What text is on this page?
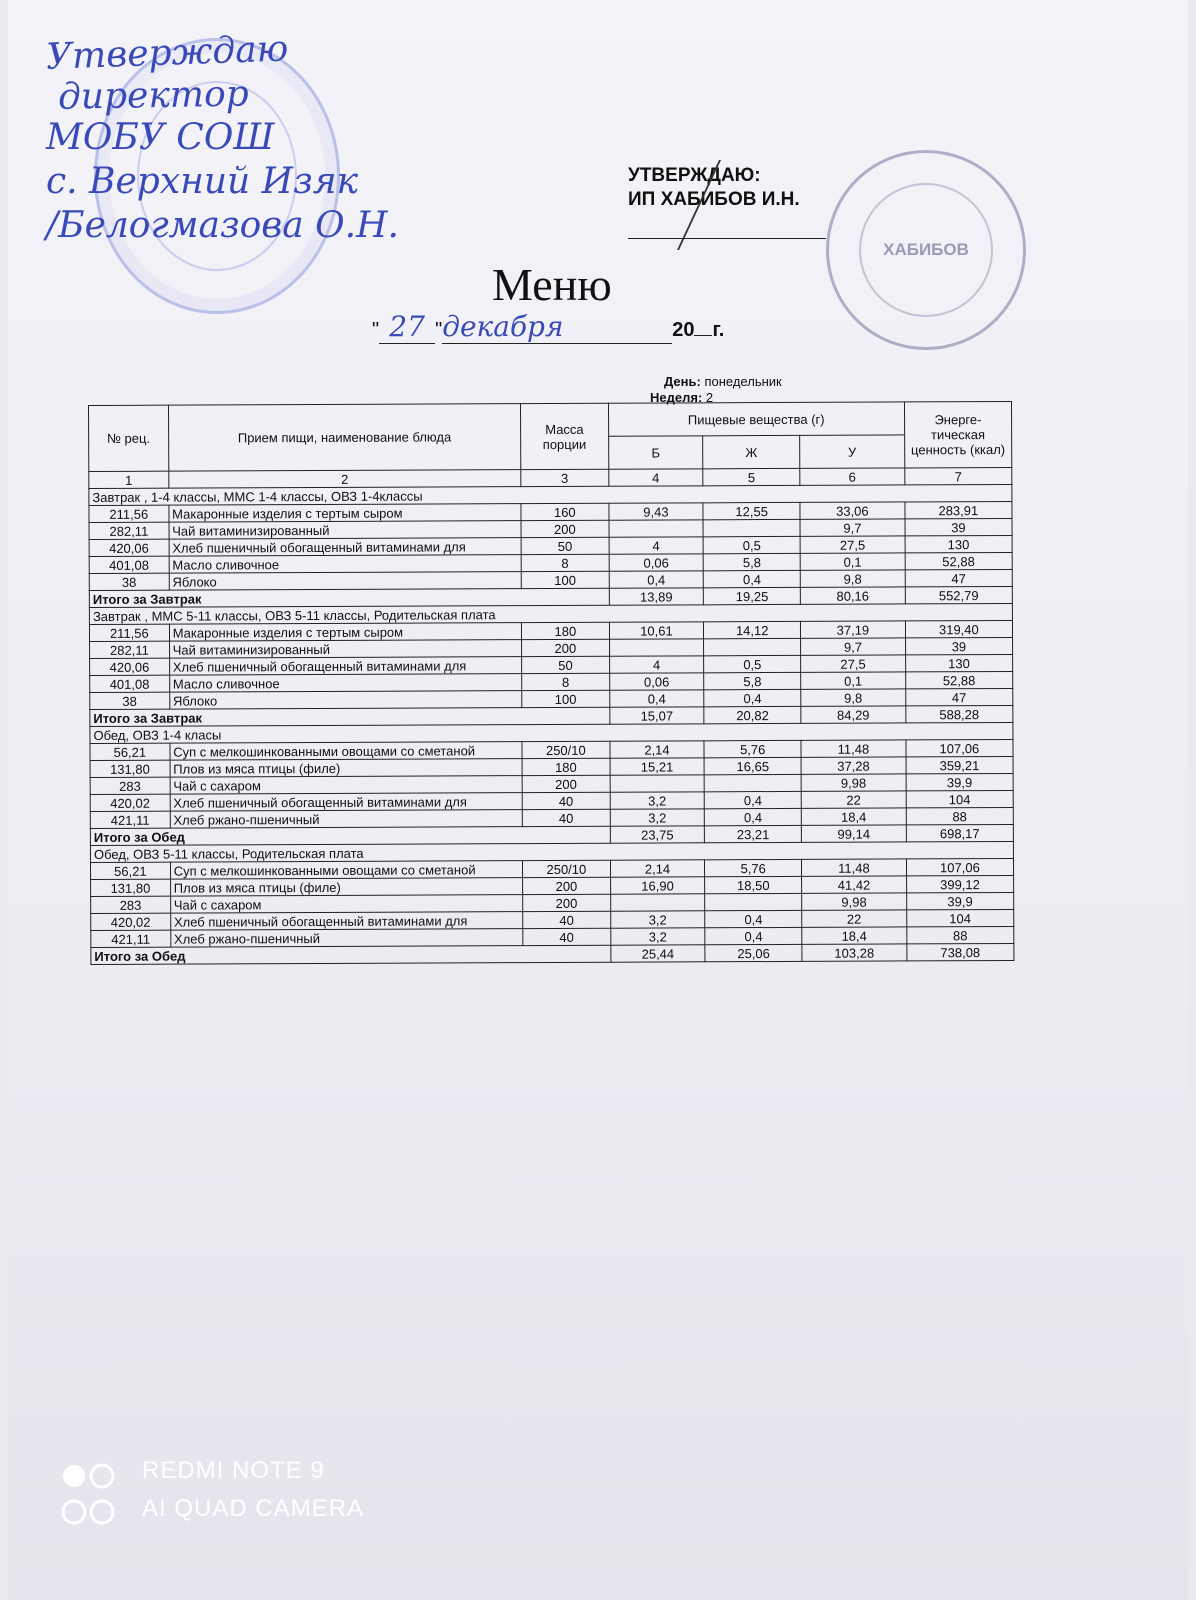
Утверждаю
директор
МОБУ СОШ
с. Верхний Изяк
/Белогмазова О.Н.
УТВЕРЖДАЮ:
ИП ХАБИБОВ И.Н.
ХАБИБОВ
Меню
" 27 "декабря	20 г.
День: понедельник
Неделя: 2
№ рец.	Прием пищи, наименование блюда	Масса порции	Пищевые вещества (г)			Энерге-тическая ценность (ккал)
			Б	Ж	У	
1	2	3	4	5	6	7
Завтрак , 1-4 классы, ММС 1-4 классы, ОВЗ 1-4классы						
211,56	Макаронные изделия с тертым сыром	160	9,43	12,55	33,06	283,91
282,11	Чай витаминизированный	200			9,7	39
420,06	Хлеб пшеничный обогащенный витаминами для	50	4	0,5	27,5	130
401,08	Масло сливочное	8	0,06	5,8	0,1	52,88
38	Яблоко	100	0,4	0,4	9,8	47
Итого за Завтрак			13,89	19,25	80,16	552,79
Завтрак , ММС 5-11 классы, ОВЗ 5-11 классы, Родительская плата						
211,56	Макаронные изделия с тертым сыром	180	10,61	14,12	37,19	319,40
282,11	Чай витаминизированный	200			9,7	39
420,06	Хлеб пшеничный обогащенный витаминами для	50	4	0,5	27,5	130
401,08	Масло сливочное	8	0,06	5,8	0,1	52,88
38	Яблоко	100	0,4	0,4	9,8	47
Итого за Завтрак			15,07	20,82	84,29	588,28
Обед, ОВЗ 1-4 класы						
56,21	Суп с мелкошинкованными овощами со сметаной	250/10	2,14	5,76	11,48	107,06
131,80	Плов из мяса птицы (филе)	180	15,21	16,65	37,28	359,21
283	Чай с сахаром	200			9,98	39,9
420,02	Хлеб пшеничный обогащенный витаминами для	40	3,2	0,4	22	104
421,11	Хлеб ржано-пшеничный	40	3,2	0,4	18,4	88
Итого за Обед			23,75	23,21	99,14	698,17
Обед, ОВЗ 5-11 классы, Родительская плата						
56,21	Суп с мелкошинкованными овощами со сметаной	250/10	2,14	5,76	11,48	107,06
131,80	Плов из мяса птицы (филе)	200	16,90	18,50	41,42	399,12
283	Чай с сахаром	200			9,98	39,9
420,02	Хлеб пшеничный обогащенный витаминами для	40	3,2	0,4	22	104
421,11	Хлеб ржано-пшеничный	40	3,2	0,4	18,4	88
Итого за Обед			25,44	25,06	103,28	738,08
REDMI NOTE 9
AI QUAD CAMERA
